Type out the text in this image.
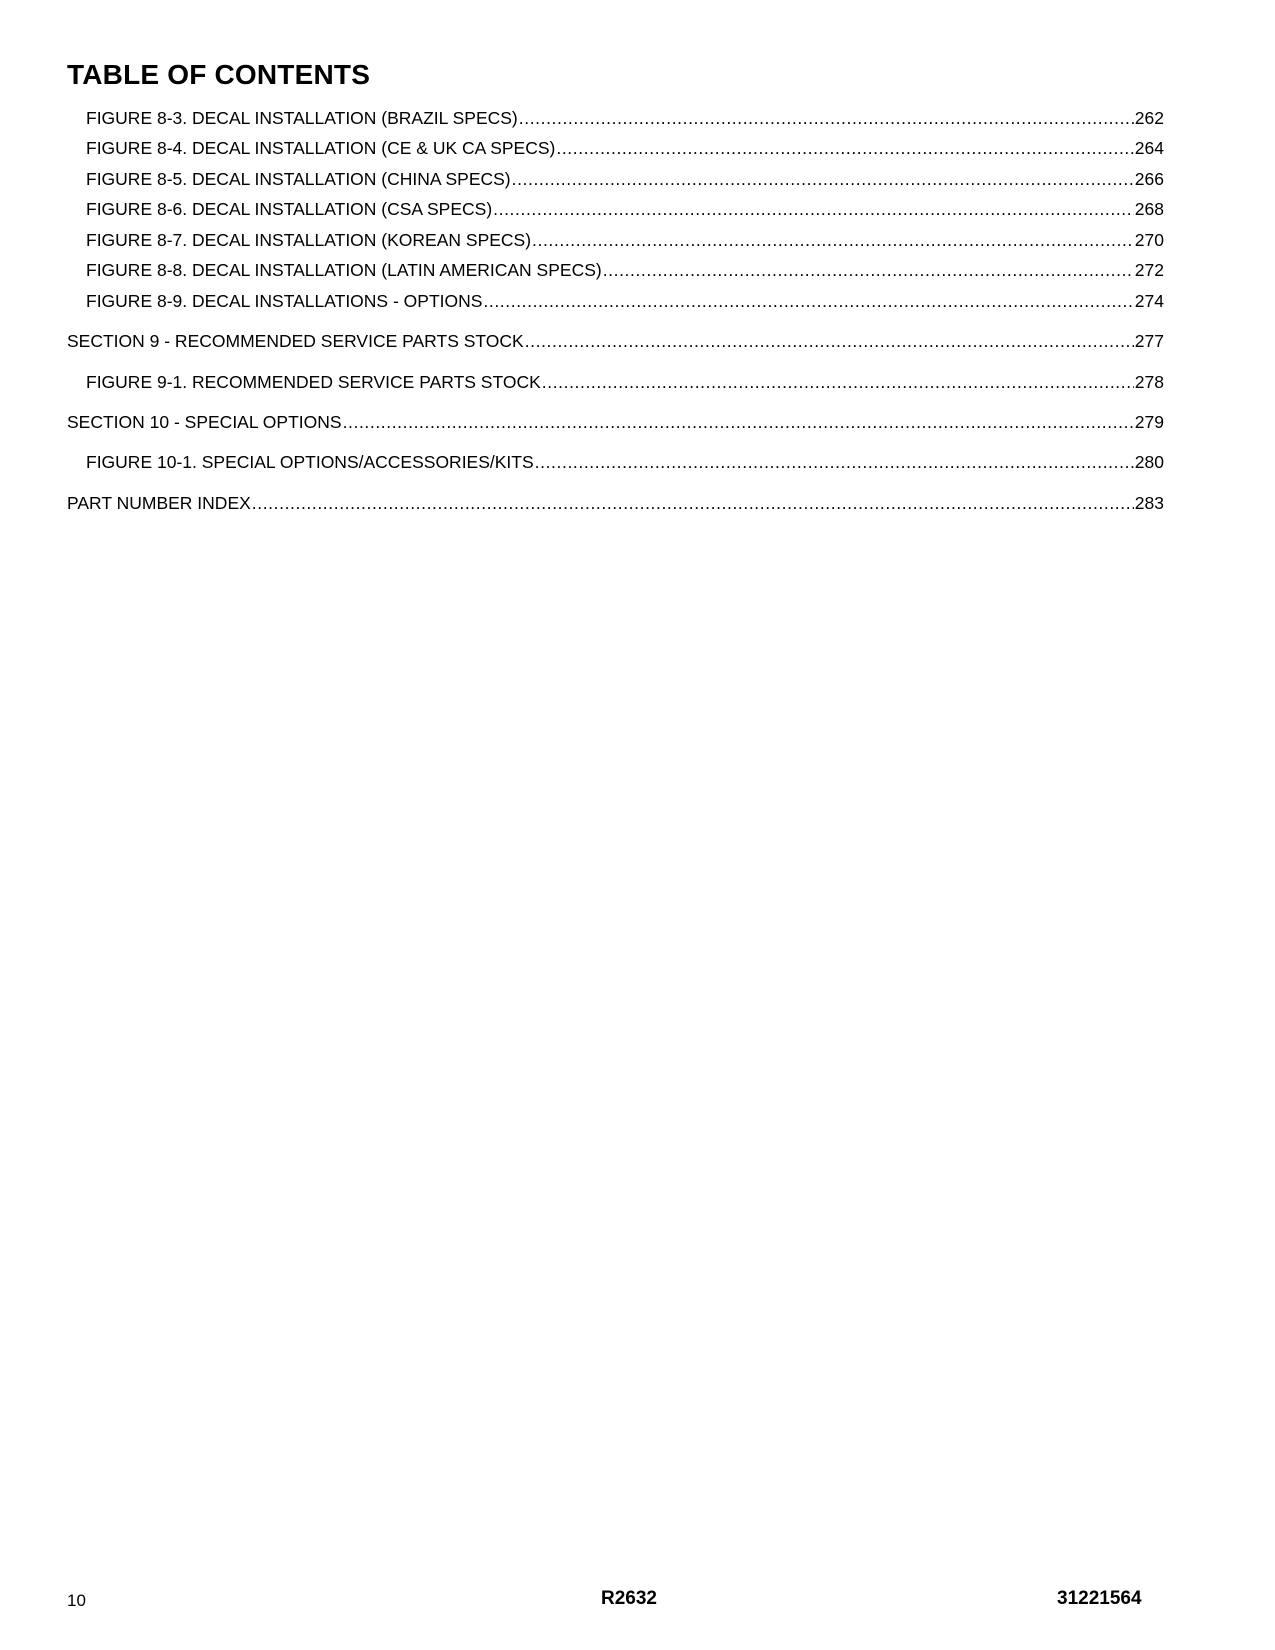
TABLE OF CONTENTS
FIGURE 8-3. DECAL INSTALLATION (BRAZIL SPECS) .....	262
FIGURE 8-4. DECAL INSTALLATION (CE & UK CA SPECS) .....	264
FIGURE 8-5. DECAL INSTALLATION (CHINA SPECS) .....	266
FIGURE 8-6. DECAL INSTALLATION (CSA SPECS) .....	268
FIGURE 8-7. DECAL INSTALLATION (KOREAN SPECS) .....	270
FIGURE 8-8. DECAL INSTALLATION (LATIN AMERICAN SPECS) .....	272
FIGURE 8-9. DECAL INSTALLATIONS - OPTIONS .....	274
SECTION 9 - RECOMMENDED SERVICE PARTS STOCK .....	277
FIGURE 9-1. RECOMMENDED SERVICE PARTS STOCK .....	278
SECTION 10 - SPECIAL OPTIONS .....	279
FIGURE 10-1. SPECIAL OPTIONS/ACCESSORIES/KITS .....	280
PART NUMBER INDEX .....	283
10	R2632	31221564
